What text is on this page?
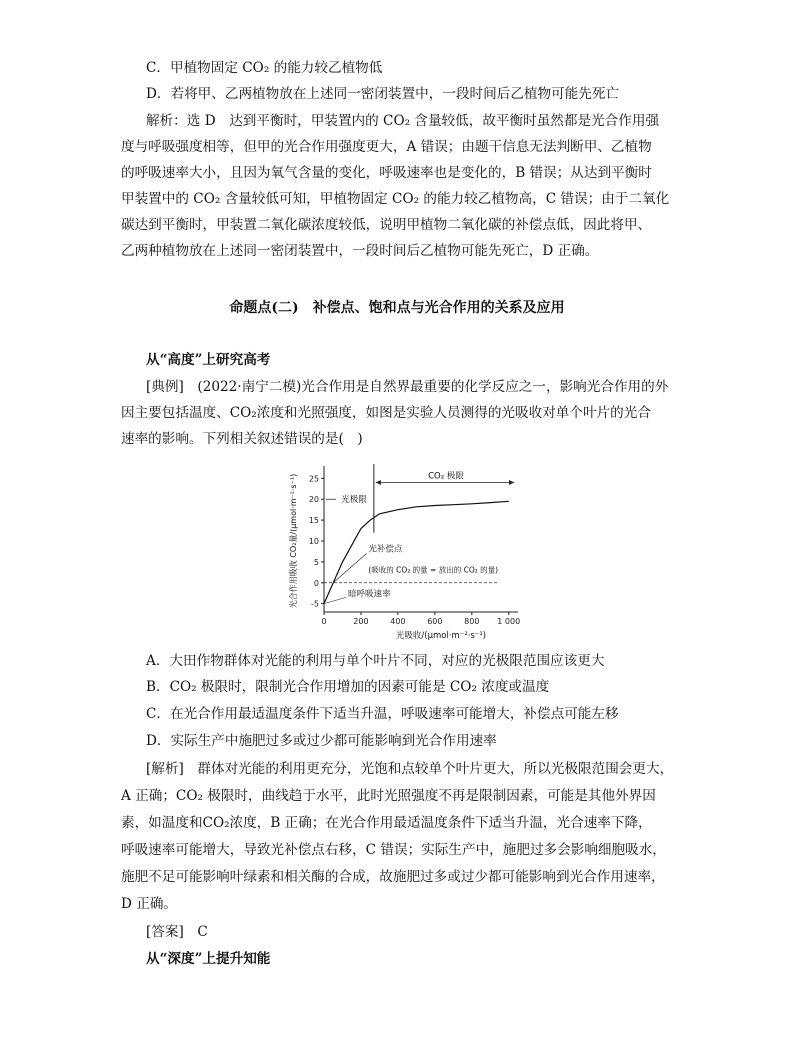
C．甲植物固定 CO₂ 的能力较乙植物低
D．若将甲、乙两植物放在上述同一密闭装置中，一段时间后乙植物可能先死亡
解析：选 D　达到平衡时，甲装置内的 CO₂ 含量较低，故平衡时虽然都是光合作用强
度与呼吸强度相等，但甲的光合作用强度更大，A 错误；由题干信息无法判断甲、乙植物
的呼吸速率大小，且因为氧气含量的变化，呼吸速率也是变化的，B 错误；从达到平衡时
甲装置中的 CO₂ 含量较低可知，甲植物固定 CO₂ 的能力较乙植物高，C 错误；由于二氧化
碳达到平衡时，甲装置二氧化碳浓度较低，说明甲植物二氧化碳的补偿点低，因此将甲、
乙两种植物放在上述同一密闭装置中，一段时间后乙植物可能先死亡，D 正确。
命题点(二)　补偿点、饱和点与光合作用的关系及应用
从“高度”上研究高考
[典例]　(2022·南宁二模)光合作用是自然界最重要的化学反应之一，影响光合作用的外
因主要包括温度、CO₂浓度和光照强度，如图是实验人员测得的光吸收对单个叶片的光合
速率的影响。下列相关叙述错误的是(　)
-5
0
5
10
15
20
25
0	200	400	600	800 1 000
光极限
CO₂ 极限
光补偿点
(吸收的 CO₂ 的量 = 放出的 CO₂ 的量)
暗呼吸速率
光吸收/(μmol·m⁻²·s⁻¹)
光合作用吸收 CO₂量/(μmol·m⁻²·s⁻¹)
A．大田作物群体对光能的利用与单个叶片不同，对应的光极限范围应该更大
B．CO₂ 极限时，限制光合作用增加的因素可能是 CO₂ 浓度或温度
C．在光合作用最适温度条件下适当升温，呼吸速率可能增大，补偿点可能左移
D．实际生产中施肥过多或过少都可能影响到光合作用速率
[解析]　群体对光能的利用更充分，光饱和点较单个叶片更大，所以光极限范围会更大，
A 正确；CO₂ 极限时，曲线趋于水平，此时光照强度不再是限制因素，可能是其他外界因
素，如温度和CO₂浓度，B 正确；在光合作用最适温度条件下适当升温，光合速率下降，
呼吸速率可能增大，导致光补偿点右移，C 错误；实际生产中，施肥过多会影响细胞吸水，
施肥不足可能影响叶绿素和相关酶的合成，故施肥过多或过少都可能影响到光合作用速率，
D 正确。
[答案]　C
从“深度”上提升知能
